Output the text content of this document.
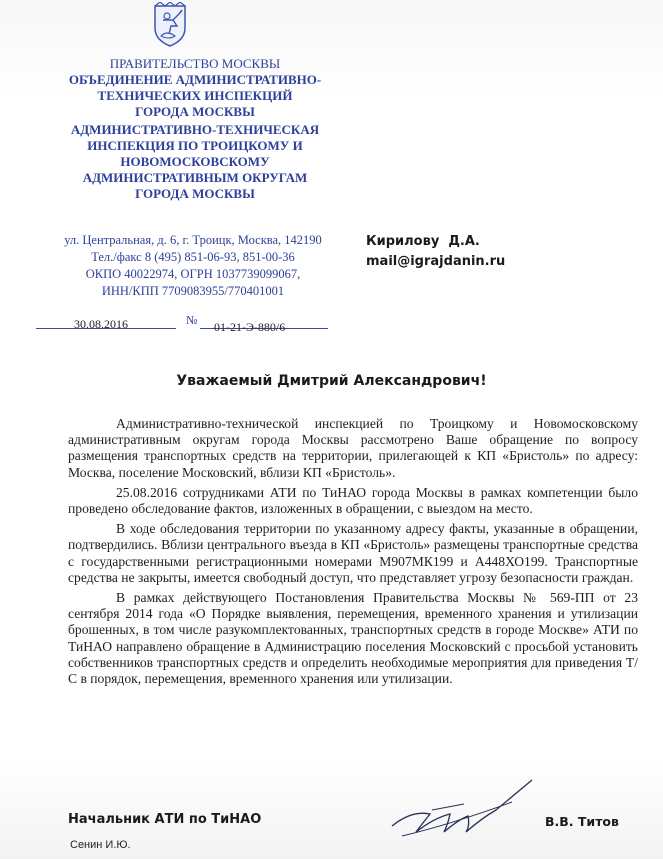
ПРАВИТЕЛЬСТВО МОСКВЫ
ОБЪЕДИНЕНИЕ АДМИНИСТРАТИВНО-
ТЕХНИЧЕСКИХ ИНСПЕКЦИЙ
ГОРОДА МОСКВЫ
АДМИНИСТРАТИВНО-ТЕХНИЧЕСКАЯ
ИНСПЕКЦИЯ ПО ТРОИЦКОМУ И
НОВОМОСКОВСКОМУ
АДМИНИСТРАТИВНЫМ ОКРУГАМ
ГОРОДА МОСКВЫ
ул. Центральная, д. 6, г. Троицк, Москва, 142190
Тел./факс 8 (495) 851-06-93, 851-00-36
ОКПО 40022974, ОГРН 1037739099067,
ИНН/КПП 7709083955/770401001
Кирилову  Д.А.
mail@igrajdanin.ru
30.08.2016	№ 01-21-Э-880/6
Уважаемый Дмитрий Александрович!

Административно-технической инспекцией по Троицкому и Новомосковскому административным округам города Москвы рассмотрено Ваше обращение по вопросу размещения транспортных средств на территории, прилегающей к КП «Бристоль» по адресу: Москва, поселение Московский, вблизи КП «Бристоль».

25.08.2016 сотрудниками АТИ по ТиНАО города Москвы в рамках компетенции было проведено обследование фактов, изложенных в обращении, с выездом на место.

В ходе обследования территории по указанному адресу факты, указанные в обращении, подтвердились. Вблизи центрального въезда в КП «Бристоль» размещены транспортные средства с государственными регистрационными номерами М907МК199 и А448ХО199. Транспортные средства не закрыты, имеется свободный доступ, что представляет угрозу безопасности граждан.

В рамках действующего Постановления Правительства Москвы № 569-ПП от 23 сентября 2014 года «О Порядке выявления, перемещения, временного хранения и утилизации брошенных, в том числе разукомплектованных, транспортных средств в городе Москве» АТИ по ТиНАО направлено обращение в Администрацию поселения Московский с просьбой установить собственников транспортных средств и определить необходимые мероприятия для приведения Т/С в порядок, перемещения, временного хранения или утилизации.

Начальник АТИ по ТиНАО	В.В. Титов
Сенин И.Ю.
